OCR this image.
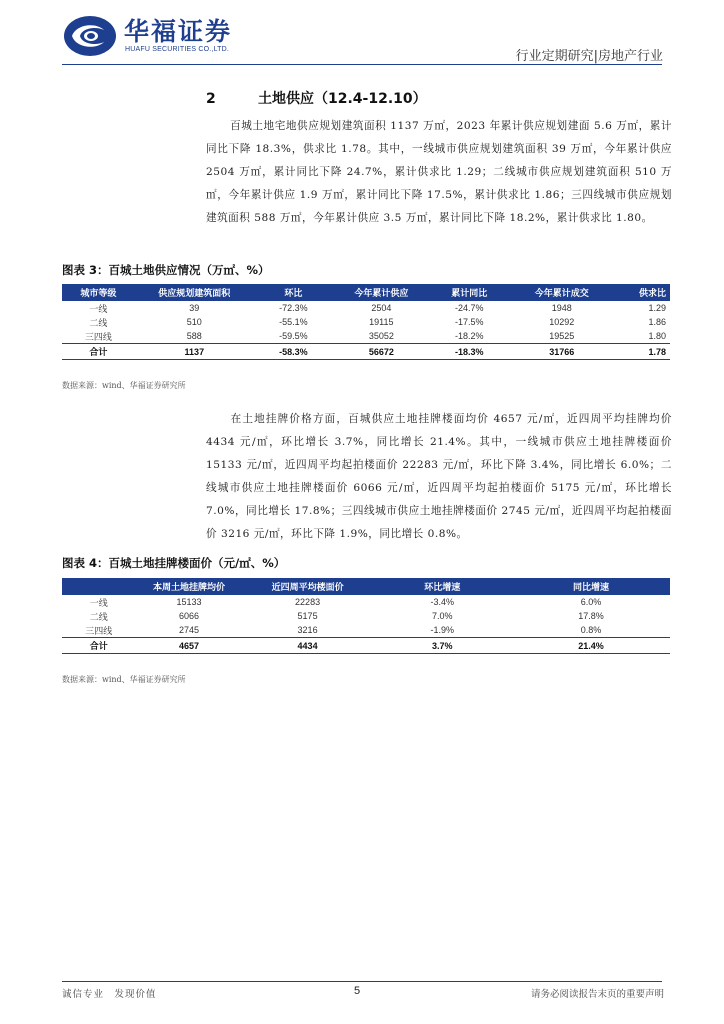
华福证券
HUAFU SECURITIES CO.,LTD.	行业定期研究|房地产行业
2	土地供应（12.4-12.10）
百城土地宅地供应规划建筑面积 1137 万㎡，2023 年累计供应规划建面 5.6 万㎡，累计同比下降 18.3%，供求比 1.78。其中，一线城市供应规划建筑面积 39 万㎡，今年累计供应 2504 万㎡，累计同比下降 24.7%，累计供求比 1.29；二线城市供应规划建筑面积 510 万㎡，今年累计供应 1.9 万㎡，累计同比下降 17.5%，累计供求比 1.86；三四线城市供应规划建筑面积 588 万㎡，今年累计供应 3.5 万㎡，累计同比下降 18.2%，累计供求比 1.80。
图表 3：百城土地供应情况（万㎡、%）
城市等级	供应规划建筑面积	环比	今年累计供应	累计同比	今年累计成交	供求比
一线	39	-72.3%	2504	-24.7%	1948	1.29
二线	510	-55.1%	19115	-17.5%	10292	1.86
三四线	588	-59.5%	35052	-18.2%	19525	1.80
合计	1137	-58.3%	56672	-18.3%	31766	1.78
数据来源：wind、华福证券研究所
在土地挂牌价格方面，百城供应土地挂牌楼面均价 4657 元/㎡，近四周平均挂牌均价 4434 元/㎡，环比增长 3.7%，同比增长 21.4%。其中，一线城市供应土地挂牌楼面价 15133 元/㎡，近四周平均起拍楼面价 22283 元/㎡，环比下降 3.4%，同比增长 6.0%；二线城市供应土地挂牌楼面价 6066 元/㎡，近四周平均起拍楼面价 5175 元/㎡，环比增长 7.0%，同比增长 17.8%；三四线城市供应土地挂牌楼面价 2745 元/㎡，近四周平均起拍楼面价 3216 元/㎡，环比下降 1.9%，同比增长 0.8%。
图表 4：百城土地挂牌楼面价（元/㎡、%）
	本周土地挂牌均价	近四周平均楼面价	环比增速	同比增速
一线	15133	22283	-3.4%	6.0%
二线	6066	5175	7.0%	17.8%
三四线	2745	3216	-1.9%	0.8%
合计	4657	4434	3.7%	21.4%
数据来源：wind、华福证券研究所
诚信专业　发现价值	5	请务必阅读报告末页的重要声明
